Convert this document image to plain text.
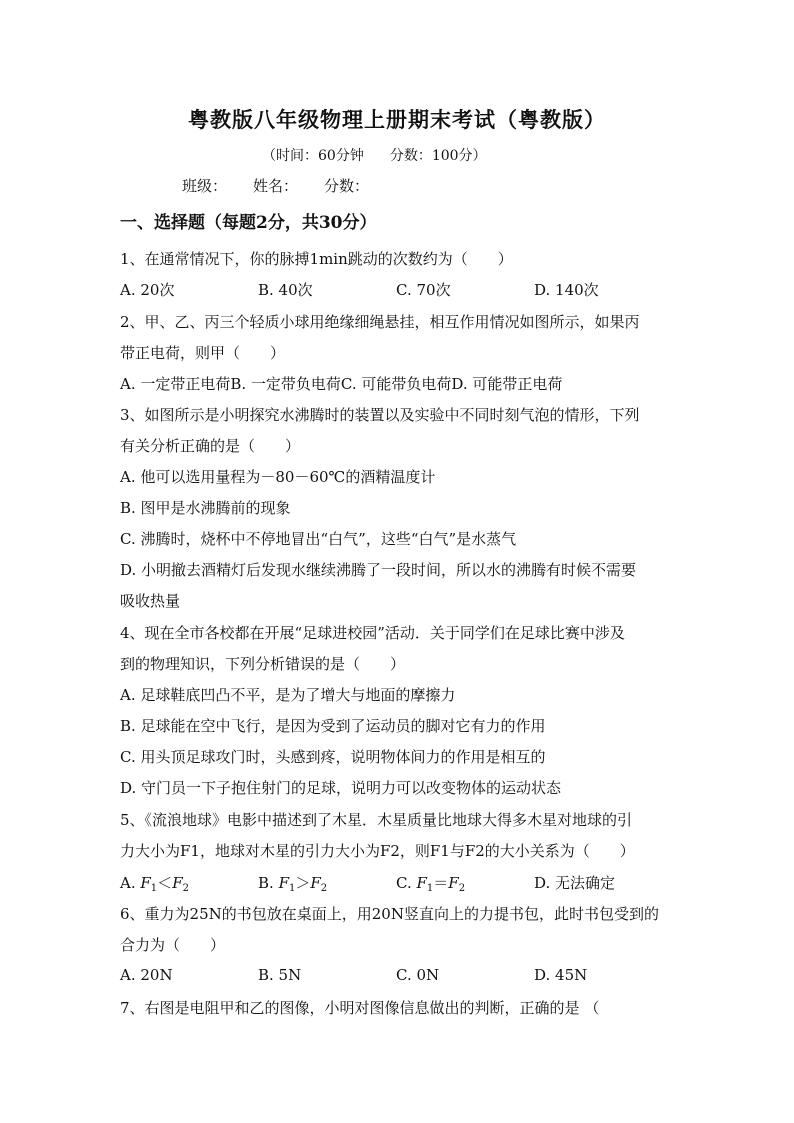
粤教版八年级物理上册期末考试（粤教版）
（时间：60分钟 分数：100分）
班级： 姓名： 分数：
一、选择题（每题2分，共30分）
1、在通常情况下，你的脉搏1min跳动的次数约为（　　）
A. 20次	B. 40次	C. 70次	D. 140次
2、甲、乙、丙三个轻质小球用绝缘细绳悬挂，相互作用情况如图所示，如果丙
带正电荷，则甲（　　）
A. 一定带正电荷B. 一定带负电荷C. 可能带负电荷D. 可能带正电荷
3、如图所示是小明探究水沸腾时的装置以及实验中不同时刻气泡的情形，下列
有关分析正确的是（　　）
A. 他可以选用量程为－80－60℃的酒精温度计
B. 图甲是水沸腾前的现象
C. 沸腾时，烧杯中不停地冒出“白气”，这些“白气”是水蒸气
D. 小明撤去酒精灯后发现水继续沸腾了一段时间，所以水的沸腾有时候不需要
吸收热量
4、现在全市各校都在开展“足球进校园”活动．关于同学们在足球比赛中涉及
到的物理知识，下列分析错误的是（　　）
A. 足球鞋底凹凸不平，是为了增大与地面的摩擦力
B. 足球能在空中飞行，是因为受到了运动员的脚对它有力的作用
C. 用头顶足球攻门时，头感到疼，说明物体间力的作用是相互的
D. 守门员一下子抱住射门的足球，说明力可以改变物体的运动状态
5、《流浪地球》电影中描述到了木星．木星质量比地球大得多木星对地球的引
力大小为F1，地球对木星的引力大小为F2，则F1与F2的大小关系为（　　）
A. $F_1<F_2$	B. $F_1>F_2$	C. $F_1=F_2$	D. 无法确定
6、重力为25N的书包放在桌面上，用20N竖直向上的力提书包，此时书包受到的
合力为（　　）
A. 20N	B. 5N	C. 0N	D. 45N
7、右图是电阻甲和乙的图像，小明对图像信息做出的判断，正确的是 （
